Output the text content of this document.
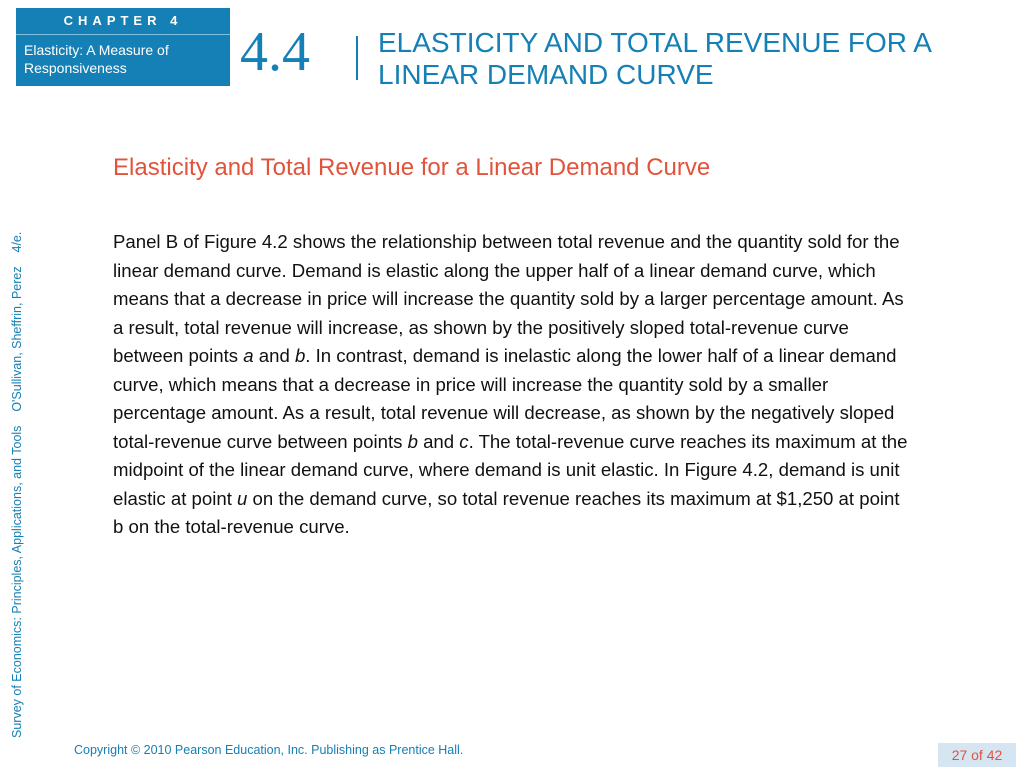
CHAPTER 4
Elasticity: A Measure of Responsiveness	4.4 ELASTICITY AND TOTAL REVENUE FOR A LINEAR DEMAND CURVE
Survey of Economics: Principles, Applications, and Tools    O'Sullivan, Sheffrin, Perez    4/e.
Elasticity and Total Revenue for a Linear Demand Curve
Panel B of Figure 4.2 shows the relationship between total revenue and the quantity sold for the linear demand curve. Demand is elastic along the upper half of a linear demand curve, which means that a decrease in price will increase the quantity sold by a larger percentage amount. As a result, total revenue will increase, as shown by the positively sloped total-revenue curve between points a and b. In contrast, demand is inelastic along the lower half of a linear demand curve, which means that a decrease in price will increase the quantity sold by a smaller percentage amount. As a result, total revenue will decrease, as shown by the negatively sloped total-revenue curve between points b and c. The total-revenue curve reaches its maximum at the midpoint of the linear demand curve, where demand is unit elastic. In Figure 4.2, demand is unit elastic at point u on the demand curve, so total revenue reaches its maximum at $1,250 at point b on the total-revenue curve.
Copyright © 2010 Pearson Education, Inc. Publishing as Prentice Hall.	27 of 42
